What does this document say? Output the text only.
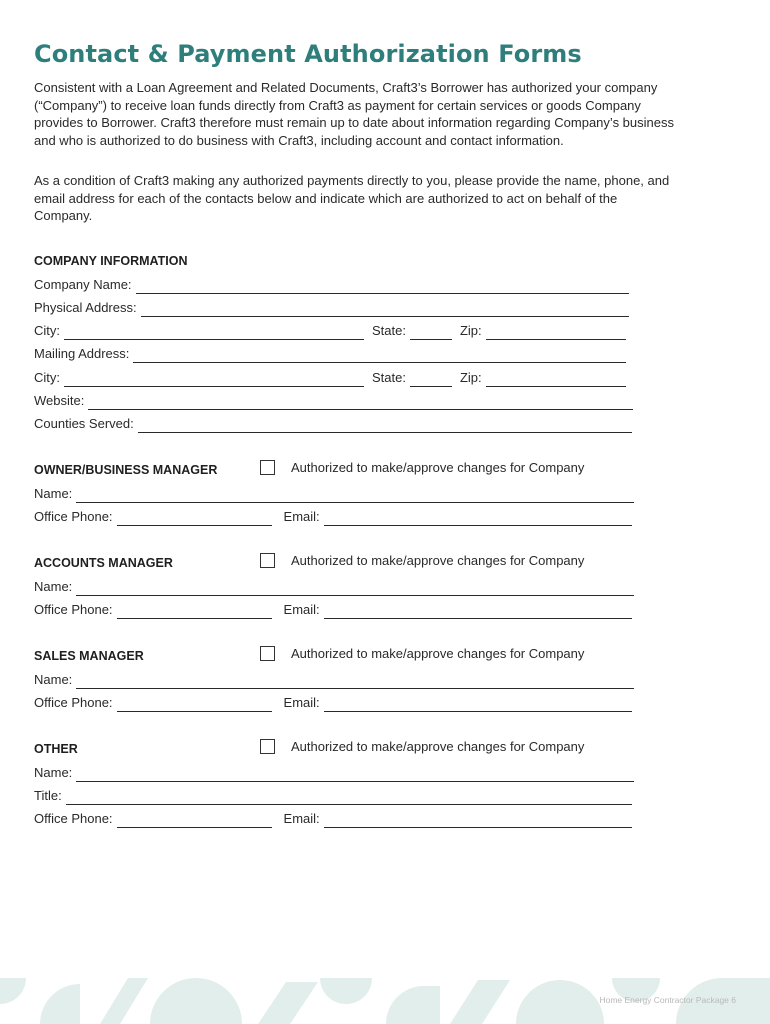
Contact & Payment Authorization Forms

Consistent with a Loan Agreement and Related Documents, Craft3’s Borrower has authorized your company (“Company”) to receive loan funds directly from Craft3 as payment for certain services or goods Company provides to Borrower. Craft3 therefore must remain up to date about information regarding Company’s business and who is authorized to do business with Craft3, including account and contact information.

As a condition of Craft3 making any authorized payments directly to you, please provide the name, phone, and email address for each of the contacts below and indicate which are authorized to act on behalf of the Company.

COMPANY INFORMATION
Company Name:
Physical Address:
City:	State:	Zip:
Mailing Address:
City:	State:	Zip:
Website:
Counties Served:
OWNER/BUSINESS MANAGER	Authorized to make/approve changes for Company
Name:
Office Phone:	Email:
ACCOUNTS MANAGER	Authorized to make/approve changes for Company
Name:
Office Phone:	Email:
SALES MANAGER	Authorized to make/approve changes for Company
Name:
Office Phone:	Email:
OTHER	Authorized to make/approve changes for Company
Name:
Title:
Office Phone:	Email:
Home Energy Contractor Package 6
